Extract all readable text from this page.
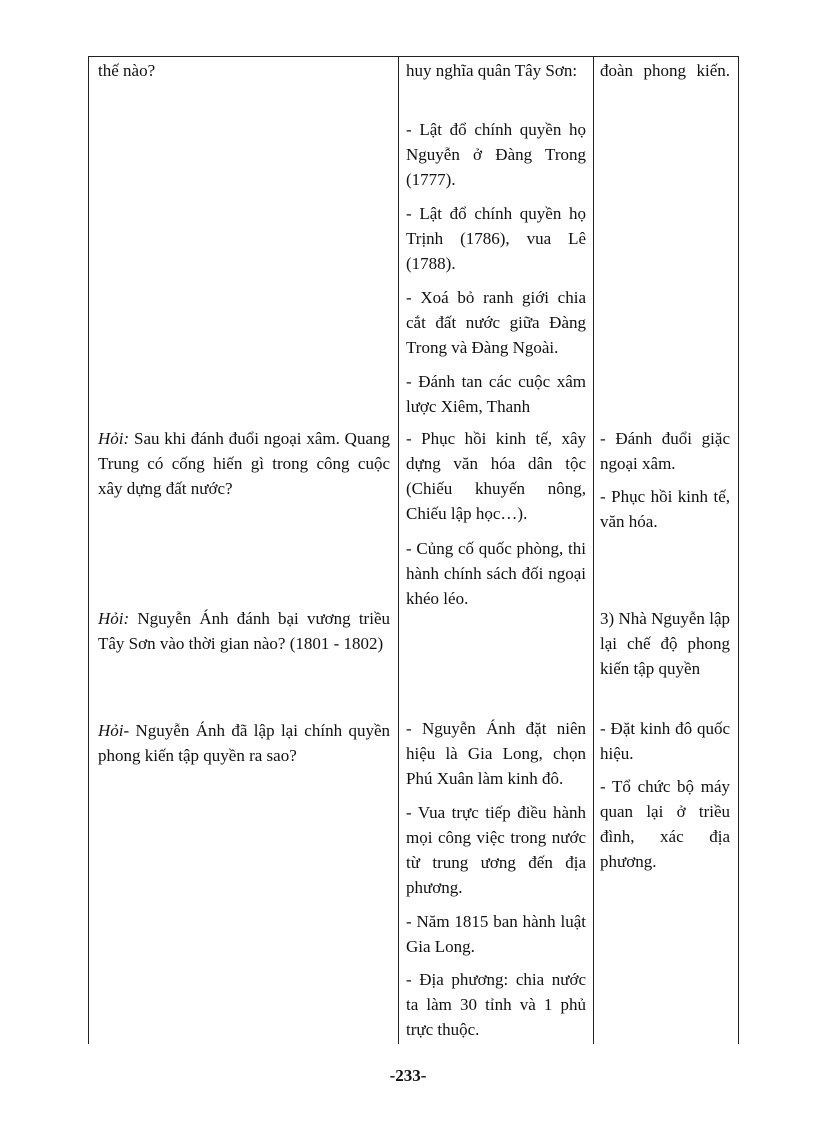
thế nào?
Hỏi: Sau khi đánh đuổi ngoại xâm. Quang Trung có cống hiến gì trong công cuộc xây dựng đất nước?
Hỏi: Nguyễn Ánh đánh bại vương triều Tây Sơn vào thời gian nào? (1801 - 1802)
Hỏi- Nguyễn Ánh đã lập lại chính quyền phong kiến tập quyền ra sao?
huy nghĩa quân Tây Sơn:
- Lật đổ chính quyền họ Nguyễn ở Đàng Trong (1777).
- Lật đổ chính quyền họ Trịnh (1786), vua Lê (1788).
- Xoá bỏ ranh giới chia cắt đất nước giữa Đàng Trong và Đàng Ngoài.
- Đánh tan các cuộc xâm lược Xiêm, Thanh
- Phục hồi kinh tế, xây dựng văn hóa dân tộc (Chiếu khuyến nông, Chiếu lập học…).
- Củng cố quốc phòng, thi hành chính sách đối ngoại khéo léo.
- Nguyễn Ánh đặt niên hiệu là Gia Long, chọn Phú Xuân làm kinh đô.
- Vua trực tiếp điều hành mọi công việc trong nước từ trung ương đến địa phương.
- Năm 1815 ban hành luật Gia Long.
- Địa phương: chia nước ta làm 30 tỉnh và 1 phủ trực thuộc.
đoàn phong kiến.
- Đánh đuổi giặc ngoại xâm.
- Phục hồi kinh tế, văn hóa.
3) Nhà Nguyễn lập lại chế độ phong kiến tập quyền
- Đặt kinh đô quốc hiệu.
- Tổ chức bộ máy quan lại ở triều đình, xác địa phương.
-233-
